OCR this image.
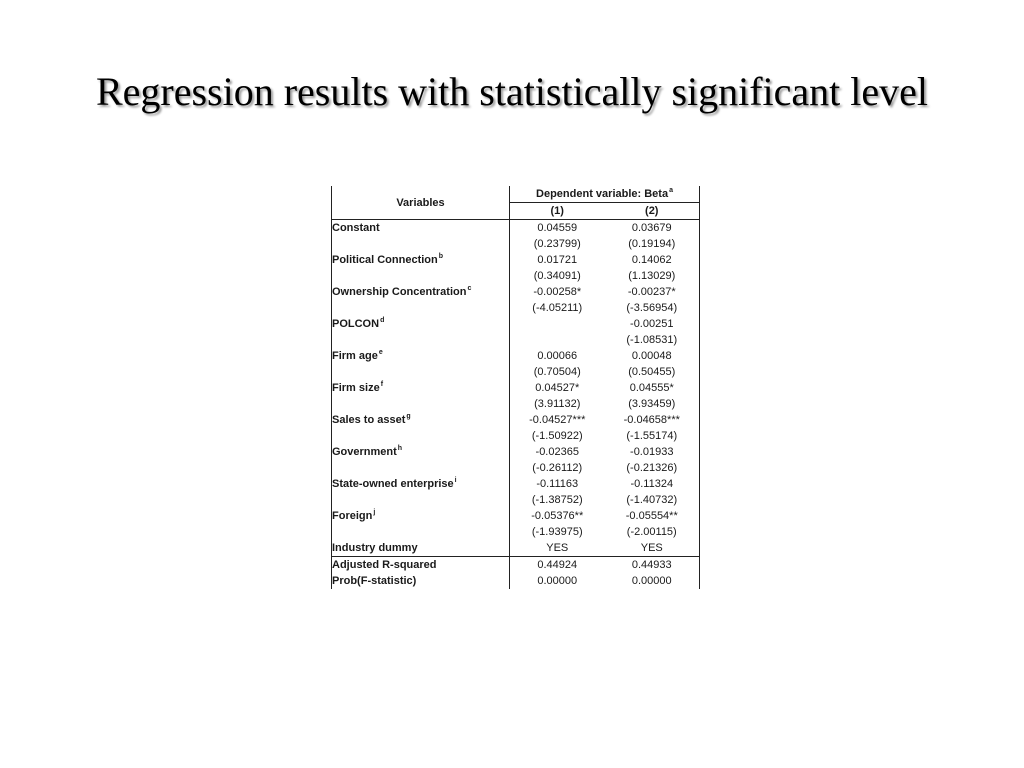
Regression results with statistically significant level
Variables	Dependent variable: Beta$^a$
	(1)	(2)
Constant	0.04559	0.03679
	(0.23799)	(0.19194)
Political Connection$^b$	0.01721	0.14062
	(0.34091)	(1.13029)
Ownership Concentration$^c$	-0.00258*	-0.00237*
	(-4.05211)	(-3.56954)
POLCON$^d$		-0.00251
		(-1.08531)
Firm age$^e$	0.00066	0.00048
	(0.70504)	(0.50455)
Firm size$^f$	0.04527*	0.04555*
	(3.91132)	(3.93459)
Sales to asset$^g$	-0.04527***	-0.04658***
	(-1.50922)	(-1.55174)
Government$^h$	-0.02365	-0.01933
	(-0.26112)	(-0.21326)
State-owned enterprise$^i$	-0.11163	-0.11324
	(-1.38752)	(-1.40732)
Foreign$^j$	-0.05376**	-0.05554**
	(-1.93975)	(-2.00115)
Industry dummy	YES	YES
Adjusted R-squared	0.44924	0.44933
Prob(F-statistic)	0.00000	0.00000
